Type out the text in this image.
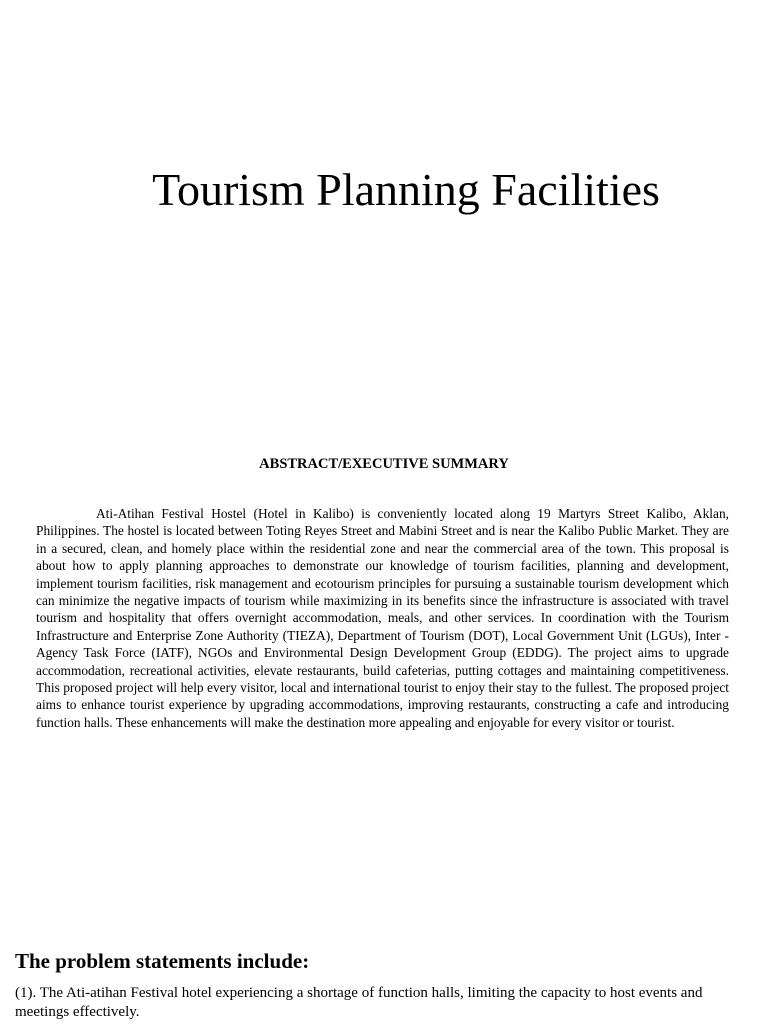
Tourism Planning Facilities
ABSTRACT/EXECUTIVE SUMMARY

Ati-Atihan Festival Hostel (Hotel in Kalibo) is conveniently located along 19 Martyrs Street Kalibo, Aklan, Philippines. The hostel is located between Toting Reyes Street and Mabini Street and is near the Kalibo Public Market. They are in a secured, clean, and homely place within the residential zone and near the commercial area of the town. This proposal is about how to apply planning approaches to demonstrate our knowledge of tourism facilities, planning and development, implement tourism facilities, risk management and ecotourism principles for pursuing a sustainable tourism development which can minimize the negative impacts of tourism while maximizing in its benefits since the infrastructure is associated with travel tourism and hospitality that offers overnight accommodation, meals, and other services. In coordination with the Tourism Infrastructure and Enterprise Zone Authority (TIEZA), Department of Tourism (DOT), Local Government Unit (LGUs), Inter -Agency Task Force (IATF), NGOs and Environmental Design Development Group (EDDG). The project aims to upgrade accommodation, recreational activities, elevate restaurants, build cafeterias, putting cottages and maintaining competitiveness. This proposed project will help every visitor, local and international tourist to enjoy their stay to the fullest. The proposed project aims to enhance tourist experience by upgrading accommodations, improving restaurants, constructing a cafe and introducing function halls. These enhancements will make the destination more appealing and enjoyable for every visitor or tourist.

The problem statements include:

(1). The Ati-atihan Festival hotel experiencing a shortage of function halls, limiting the capacity to host events and meetings effectively.
